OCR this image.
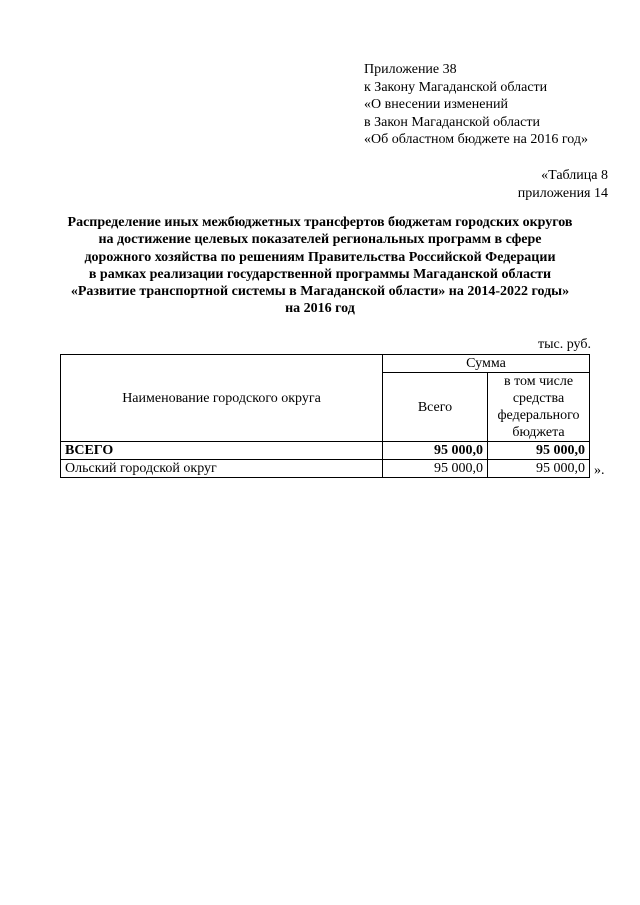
Приложение 38
к Закону Магаданской области
«О внесении изменений
в Закон Магаданской области
«Об областном бюджете на 2016 год»
«Таблица 8
приложения 14
Распределение иных межбюджетных трансфертов бюджетам городских округов
на достижение целевых показателей региональных программ в сфере
дорожного хозяйства по решениям Правительства Российской Федерации
в рамках реализации государственной программы Магаданской области
«Развитие транспортной системы в Магаданской области» на 2014-2022 годы»
на 2016 год
тыс. руб.
Наименование городского округа	Сумма	
	Всего	в том числе
средства
федерального
бюджета

ВСЕГО	95 000,0	95 000,0
Ольский городской округ	95 000,0	95 000,0 ».
